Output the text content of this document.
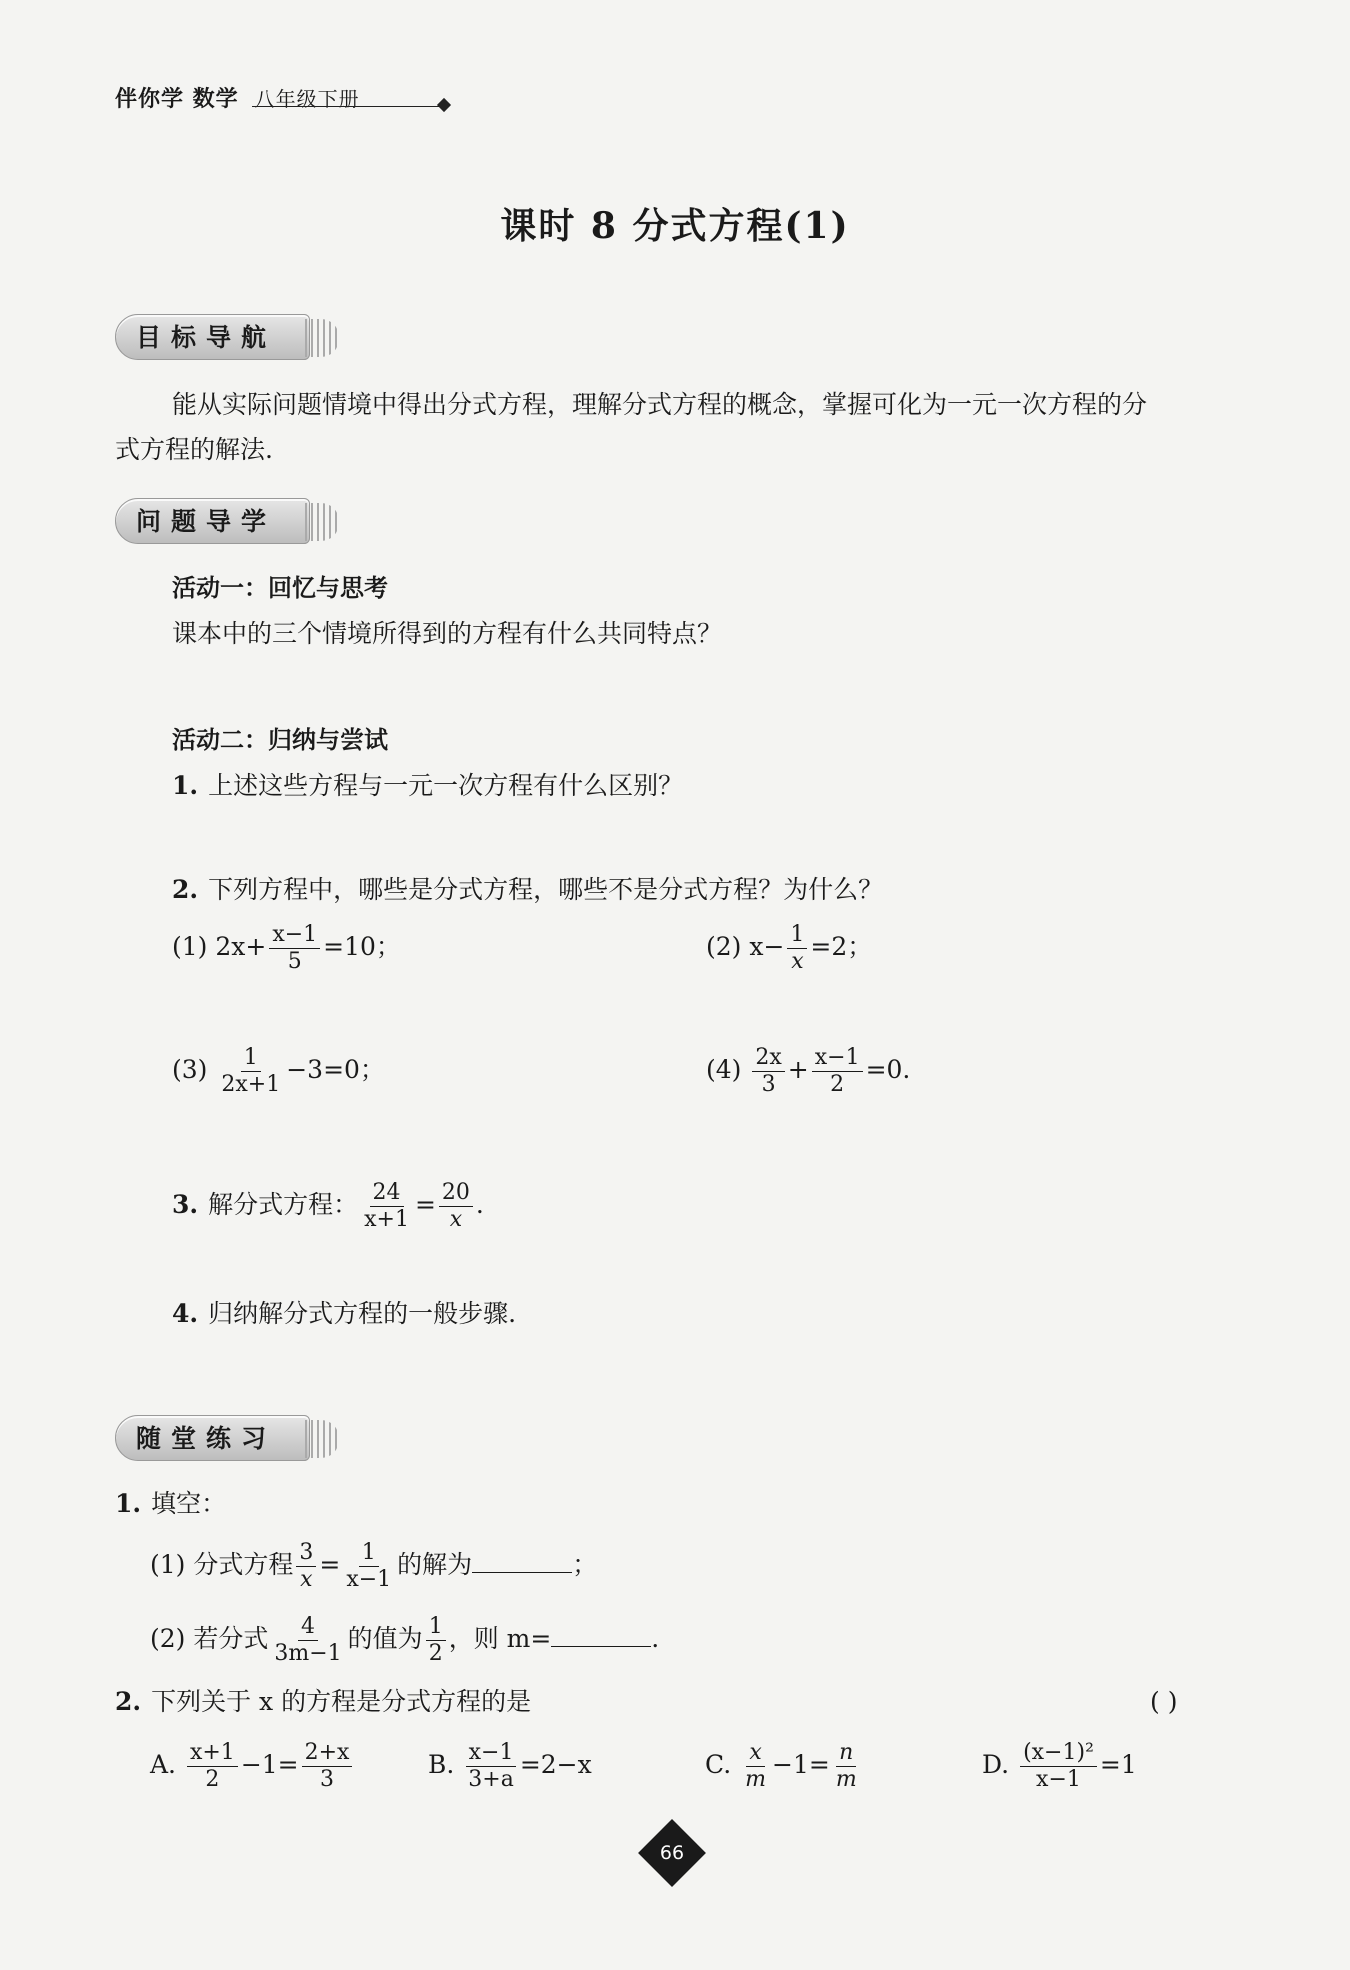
伴你学 数学 八年级下册
课时 8 分式方程(1)
目标导航
能从实际问题情境中得出分式方程，理解分式方程的概念，掌握可化为一元一次方程的分
式方程的解法.
问题导学
活动一：回忆与思考
课本中的三个情境所得到的方程有什么共同特点？
活动二：归纳与尝试
1. 上述这些方程与一元一次方程有什么区别？
2. 下列方程中，哪些是分式方程，哪些不是分式方程？为什么？
(1) $2x+ \frac{x-1}{5} =10$；	(2) $x- \frac{1}{x} =2$；
$(3) \frac{1}{2x+1} -3=0$；	$(4) \frac{2x}{3} + \frac{x-1}{2} =0$.
3. 解分式方程： $\frac{24}{x+1} = \frac{20}{x}$ .
4. 归纳解分式方程的一般步骤.
随堂练习
1. 填空：
(1) 分式方程 $\frac{3}{x} = \frac{1}{x-1}$ 的解为	；
(2) 若分式 $\frac{4}{3m-1}$ 的值为 $\frac{1}{2}$ ，则 m=	.
2. 下列关于 x 的方程是分式方程的是	( )
A. $\frac{x+1}{2} -1= \frac{2+x}{3}$	B. $\frac{x-1}{3+a} =2-x$	C. $\frac{x}{m} -1= \frac{n}{m}$	D. $\frac{\text{(x−1)²}}{x-1} =1$
66
